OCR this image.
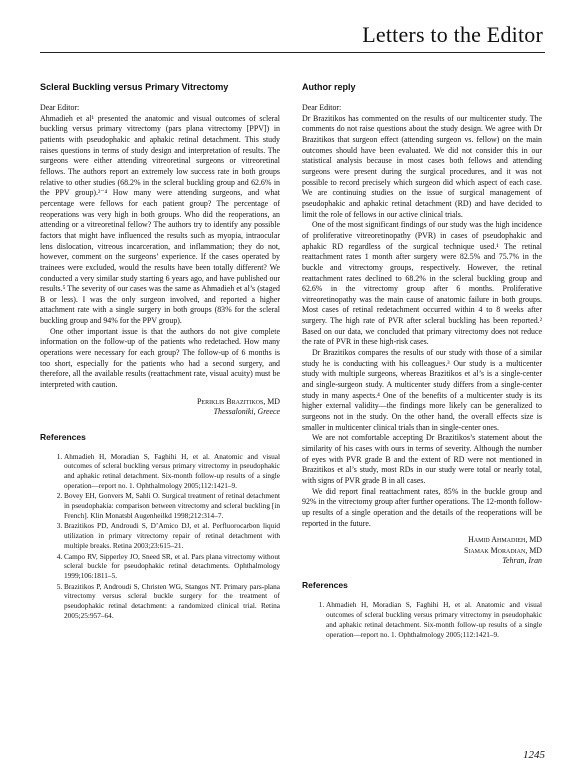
Letters to the Editor
Scleral Buckling versus Primary Vitrectomy

Dear Editor:

Ahmadieh et al¹ presented the anatomic and visual outcomes of scleral buckling versus primary vitrectomy (pars plana vitrectomy [PPV]) in patients with pseudophakic and aphakic retinal detachment. This study raises questions in terms of study design and interpretation of results. The surgeons were either attending vitreoretinal surgeons or vitreoretinal fellows. The authors report an extremely low success rate in both groups relative to other studies (68.2% in the scleral buckling group and 62.6% in the PPV group).²⁻⁴ How many were attending surgeons, and what percentage were fellows for each patient group? The percentage of reoperations was very high in both groups. Who did the reoperations, an attending or a vitreoretinal fellow? The authors try to identify any possible factors that might have influenced the results such as myopia, intraocular lens dislocation, vitreous incarceration, and inflammation; they do not, however, comment on the surgeons’ experience. If the cases operated by trainees were excluded, would the results have been totally different? We conducted a very similar study starting 6 years ago, and have published our results.⁵ The severity of our cases was the same as Ahmadieh et al’s (staged B or less). I was the only surgeon involved, and reported a higher attachment rate with a single surgery in both groups (83% for the scleral buckling group and 94% for the PPV group).

One other important issue is that the authors do not give complete information on the follow-up of the patients who redetached. How many operations were necessary for each group? The follow-up of 6 months is too short, especially for the patients who had a second surgery, and therefore, all the available results (reattachment rate, visual acuity) must be interpreted with caution.

Periklis Brazitikos, MD
Thessaloniki, Greece
References
1. Ahmadieh H, Moradian S, Faghihi H, et al. Anatomic and visual outcomes of scleral buckling versus primary vitrectomy in pseudophakic and aphakic retinal detachment. Six-month follow-up results of a single operation—report no. 1. Ophthalmology 2005;112:1421–9.
2. Bovey EH, Gonvers M, Sahli O. Surgical treatment of retinal detachment in pseudophakia: comparison between vitrectomy and scleral buckling [in French]. Klin Monatsbl Augenheilkd 1998;212:314–7.
3. Brazitikos PD, Androudi S, D’Amico DJ, et al. Perfluorocarbon liquid utilization in primary vitrectomy repair of retinal detachment with multiple breaks. Retina 2003;23:615–21.
4. Campo RV, Sipperley JO, Sneed SR, et al. Pars plana vitrectomy without scleral buckle for pseudophakic retinal detachments. Ophthalmology 1999;106:1811–5.
5. Brazitikos P, Androudi S, Christen WG, Stangos NT. Primary pars-plana vitrectomy versus scleral buckle surgery for the treatment of pseudophakic retinal detachment: a randomized clinical trial. Retina 2005;25:957–64.
Author reply

Dear Editor:

Dr Brazitikos has commented on the results of our multicenter study. The comments do not raise questions about the study design. We agree with Dr Brazitikos that surgeon effect (attending surgeon vs. fellow) on the main outcomes should have been evaluated. We did not consider this in our statistical analysis because in most cases both fellows and attending surgeons were present during the surgical procedures, and it was not possible to record precisely which surgeon did which aspect of each case. We are continuing studies on the issue of surgical management of pseudophakic and aphakic retinal detachment (RD) and have decided to limit the role of fellows in our active clinical trials.

One of the most significant findings of our study was the high incidence of proliferative vitreoretinopathy (PVR) in cases of pseudophakic and aphakic RD regardless of the surgical technique used.¹ The retinal reattachment rates 1 month after surgery were 82.5% and 75.7% in the buckle and vitrectomy groups, respectively. However, the retinal reattachment rates declined to 68.2% in the scleral buckling group and 62.6% in the vitrectomy group after 6 months. Proliferative vitreoretinopathy was the main cause of anatomic failure in both groups. Most cases of retinal redetachment occurred within 4 to 8 weeks after surgery. The high rate of PVR after scleral buckling has been reported.² Based on our data, we concluded that primary vitrectomy does not reduce the rate of PVR in these high-risk cases.

Dr Brazitikos compares the results of our study with those of a similar study he is conducting with his colleagues.³ Our study is a multicenter study with multiple surgeons, whereas Brazitikos et al’s is a single-center and single-surgeon study. A multicenter study differs from a single-center study in many aspects.⁴ One of the benefits of a multicenter study is its higher external validity—the findings more likely can be generalized to surgeons not in the study. On the other hand, the overall effects size is smaller in multicenter clinical trials than in single-center ones.

We are not comfortable accepting Dr Brazitikos’s statement about the similarity of his cases with ours in terms of severity. Although the number of eyes with PVR grade B and the extent of RD were not mentioned in Brazitikos et al’s study, most RDs in our study were total or nearly total, with signs of PVR grade B in all cases.

We did report final reattachment rates, 85% in the buckle group and 92% in the vitrectomy group after further operations. The 12-month follow-up results of a single operation and the details of the reoperations will be reported in the future.

Hamid Ahmadieh, MD
Siamak Moradian, MD
Tehran, Iran
References
1. Ahmadieh H, Moradian S, Faghihi H, et al. Anatomic and visual outcomes of scleral buckling versus primary vitrectomy in pseudophakic and aphakic retinal detachment. Six-month follow-up results of a single operation—report no. 1. Ophthalmology 2005;112:1421–9.
1245
